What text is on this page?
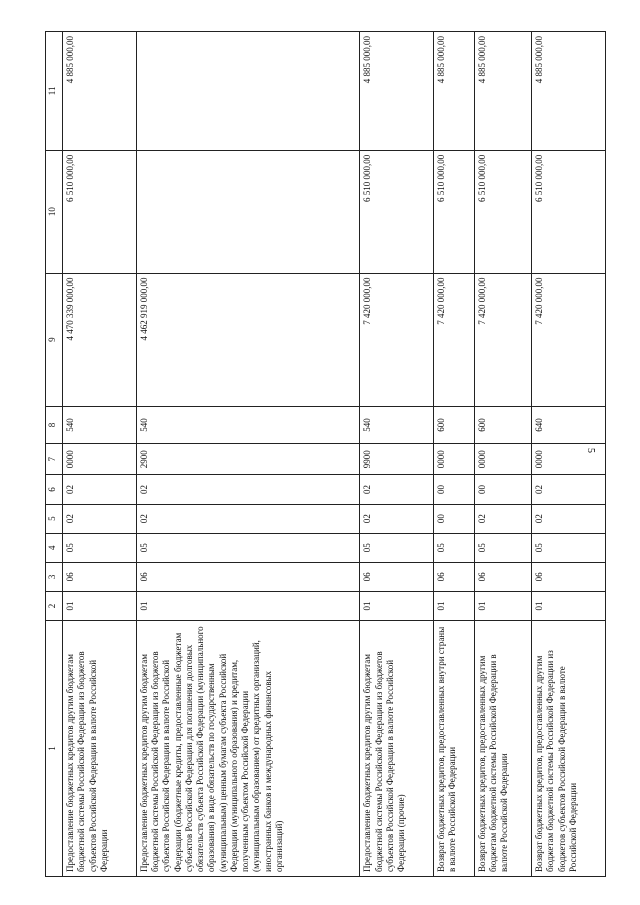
5
1	2	3	4	5	6	7	8	9	10	11
Предоставление бюджетных кредитов другим бюджетам бюджетной системы Российской Федерации из бюджетов субъектов Российской Федерации в валюте Российской Федерации	01	06	05	02	02	0000	540	4 470 339 000,00	6 510 000,00	4 885 000,00
Предоставление бюджетных кредитов другим бюджетам бюджетной системы Российской Федерации из бюджетов субъектов Российской Федерации в валюте Российской Федерации (бюджетные кредиты, предоставленные бюджетам субъектов Российской Федерации для погашения долговых обязательств субъекта Российской Федерации (муниципального образования) в виде обязательств по государственным (муниципальным) ценным бумагам субъекта Российской Федерации (муниципального образования) и кредитам, полученным субъектом Российской Федерации (муниципальным образованием) от кредитных организаций, иностранных банков и международных финансовых организаций)	01	06	05	02	02	2900	540	4 462 919 000,00		
Предоставление бюджетных кредитов другим бюджетам бюджетной системы Российской Федерации из бюджетов субъектов Российской Федерации в валюте Российской Федерации (прочие)	01	06	05	02	02	9900	540	7 420 000,00	6 510 000,00	4 885 000,00
Возврат бюджетных кредитов, предоставленных внутри страны в валюте Российской Федерации	01	06	05	00	00	0000	600	7 420 000,00	6 510 000,00	4 885 000,00
Возврат бюджетных кредитов, предоставленных другим бюджетам бюджетной системы Российской Федерации в валюте Российской Федерации	01	06	05	02	00	0000	600	7 420 000,00	6 510 000,00	4 885 000,00
Возврат бюджетных кредитов, предоставленных другим бюджетам бюджетной системы Российской Федерации из бюджетов субъектов Российской Федерации в валюте Российской Федерации	01	06	05	02	02	0000	640	7 420 000,00	6 510 000,00	4 885 000,00
